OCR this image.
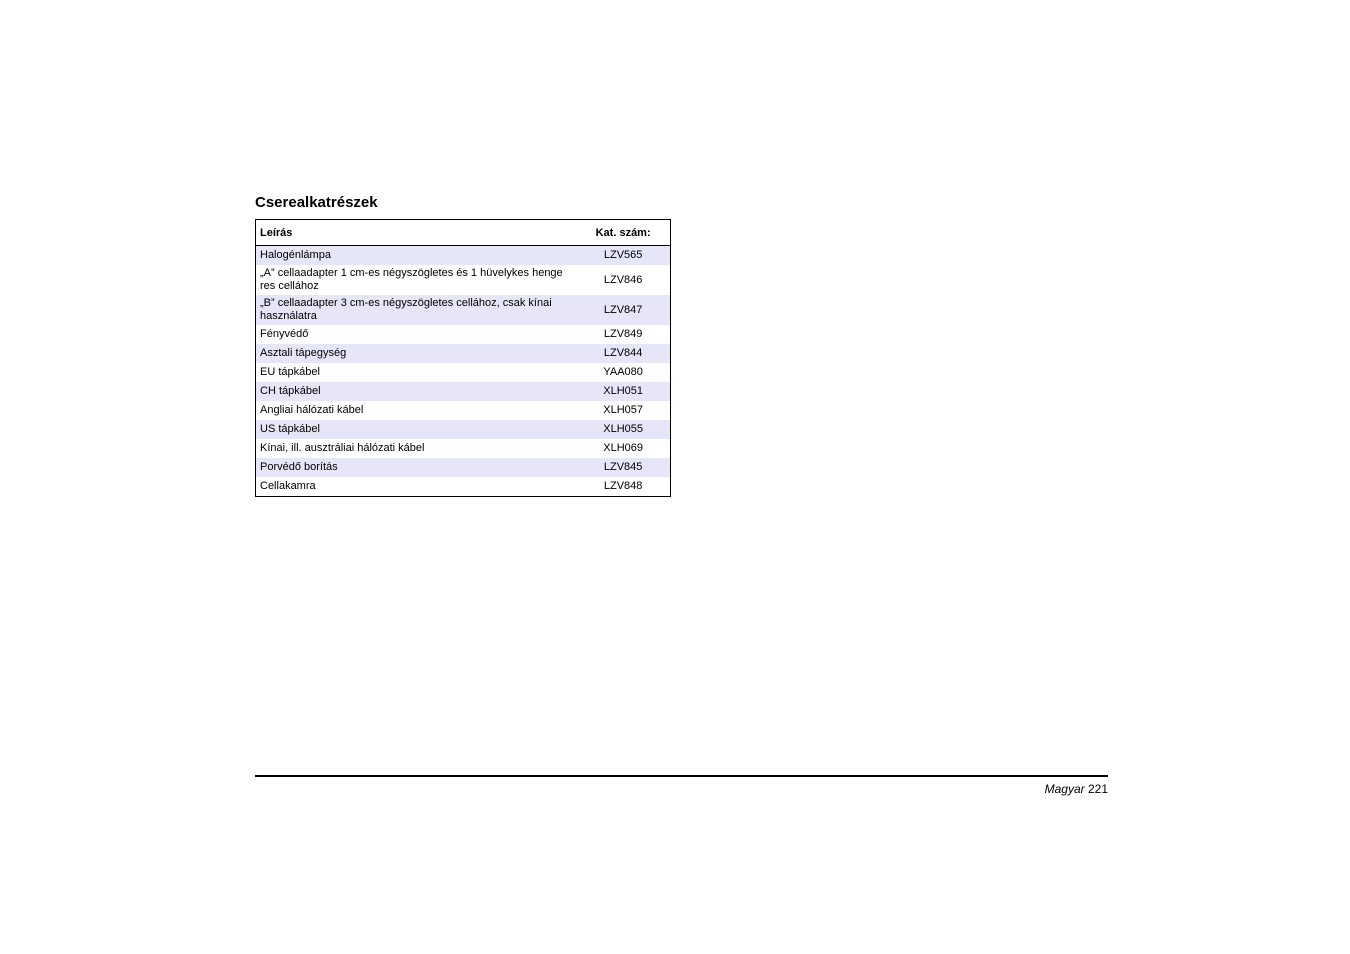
Cserealkatrészek
Leírás	Kat. szám:
Halogénlámpa	LZV565
„A” cellaadapter 1 cm-es négyszögletes és 1 hüvelykes henge res cellához	LZV846
„B” cellaadapter 3 cm-es négyszögletes cellához, csak kínai használatra	LZV847
Fényvédő	LZV849
Asztali tápegység	LZV844
EU tápkábel	YAA080
CH tápkábel	XLH051
Angliai hálózati kábel	XLH057
US tápkábel	XLH055
Kínai, ill. ausztráliai hálózati kábel	XLH069
Porvédő borítás	LZV845
Cellakamra	LZV848
Magyar 221
